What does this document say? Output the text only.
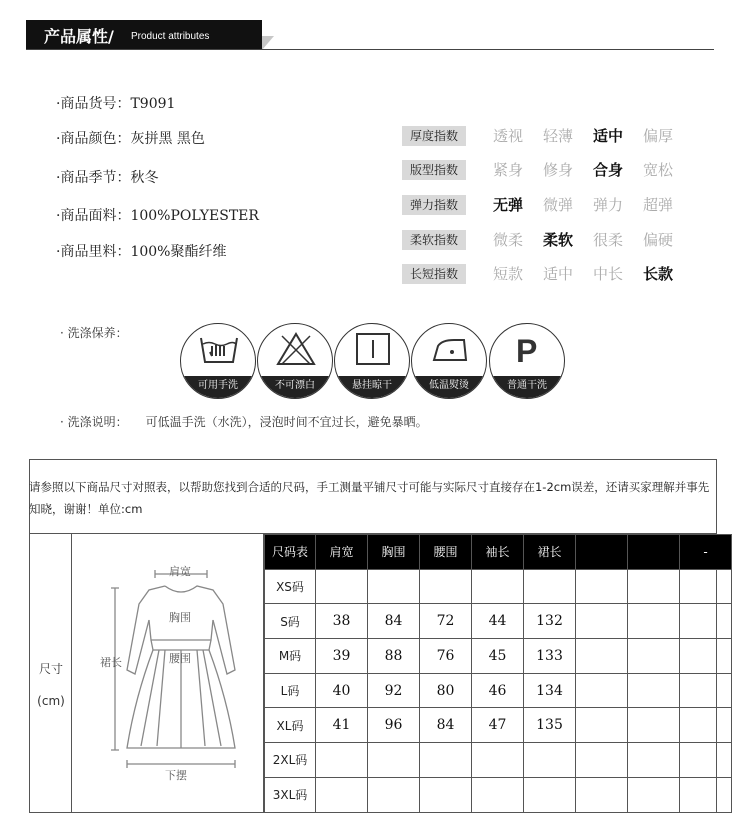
产品属性/ Product attributes
·商品货号：T9091
·商品颜色：灰拼黑 黑色
·商品季节：秋冬
·商品面料：100%POLYESTER
·商品里料：100%聚酯纤维
厚度指数	透视	轻薄	适中	偏厚
版型指数	紧身	修身	合身	宽松
弹力指数	无弹	微弹	弹力	超弹
柔软指数	微柔	柔软	很柔	偏硬
长短指数	短款	适中	中长	长款
· 洗涤保养：
可用手洗	不可漂白	悬挂晾干	低温熨烫
P
普通干洗
· 洗涤说明： 可低温手洗（水洗），浸泡时间不宜过长，避免暴晒。
请参照以下商品尺寸对照表，以帮助您找到合适的尺码，手工测量平铺尺寸可能与实际尺寸直接存在1-2cm误差，还请买家理解并事先知晓，谢谢！单位:cm
尺寸
(cm)
肩宽
胸围
腰围
裙长
下摆
尺码表	肩宽	胸围	腰围	袖长	裙长			-
XS码								
S码	38	84	72	44	132			
M码	39	88	76	45	133			
L码	40	92	80	46	134			
XL码	41	96	84	47	135			
2XL码								
3XL码								
